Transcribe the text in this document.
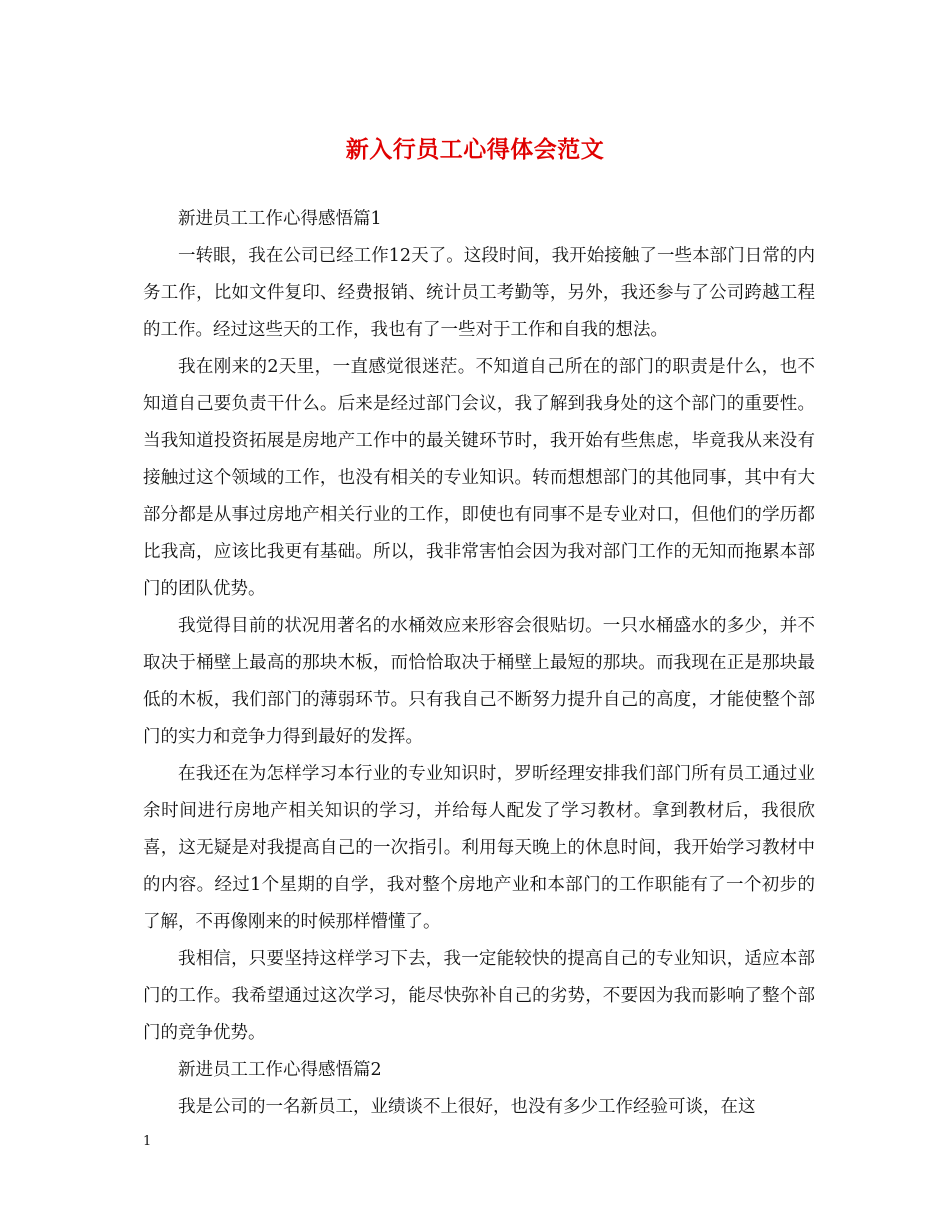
新入行员工心得体会范文

新进员工工作心得感悟篇1

一转眼，我在公司已经工作12天了。这段时间，我开始接触了一些本部门日常的内务工作，比如文件复印、经费报销、统计员工考勤等，另外，我还参与了公司跨越工程的工作。经过这些天的工作，我也有了一些对于工作和自我的想法。

我在刚来的2天里，一直感觉很迷茫。不知道自己所在的部门的职责是什么，也不知道自己要负责干什么。后来是经过部门会议，我了解到我身处的这个部门的重要性。当我知道投资拓展是房地产工作中的最关键环节时，我开始有些焦虑，毕竟我从来没有接触过这个领域的工作，也没有相关的专业知识。转而想想部门的其他同事，其中有大部分都是从事过房地产相关行业的工作，即使也有同事不是专业对口，但他们的学历都比我高，应该比我更有基础。所以，我非常害怕会因为我对部门工作的无知而拖累本部门的团队优势。

我觉得目前的状况用著名的水桶效应来形容会很贴切。一只水桶盛水的多少，并不取决于桶壁上最高的那块木板，而恰恰取决于桶壁上最短的那块。而我现在正是那块最低的木板，我们部门的薄弱环节。只有我自己不断努力提升自己的高度，才能使整个部门的实力和竞争力得到最好的发挥。

在我还在为怎样学习本行业的专业知识时，罗昕经理安排我们部门所有员工通过业余时间进行房地产相关知识的学习，并给每人配发了学习教材。拿到教材后，我很欣喜，这无疑是对我提高自己的一次指引。利用每天晚上的休息时间，我开始学习教材中的内容。经过1个星期的自学，我对整个房地产业和本部门的工作职能有了一个初步的了解，不再像刚来的时候那样懵懂了。

我相信，只要坚持这样学习下去，我一定能较快的提高自己的专业知识，适应本部门的工作。我希望通过这次学习，能尽快弥补自己的劣势，不要因为我而影响了整个部门的竞争优势。

新进员工工作心得感悟篇2

我是公司的一名新员工，业绩谈不上很好，也没有多少工作经验可谈，在这

1
